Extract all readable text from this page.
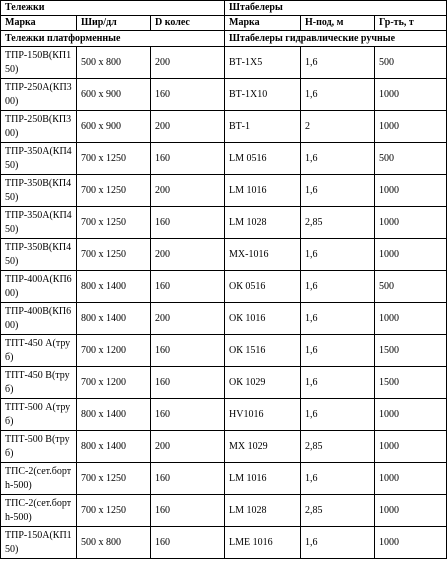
Тележки			Штабелеры		
Марка	Шир/дл	D колес	Марка	Н-под, м	Гр-ть, т
Тележки платформенные			Штабелеры гидравлические ручные		
ТПР-150В(КП150)	500 х 800	200	ВТ-1Х5	1,6	500
ТПР-250А(КП300)	600 х 900	160	ВТ-1Х10	1,6	1000
ТПР-250В(КП300)	600 х 900	200	ВТ-1	2	1000
ТПР-350А(КП450)	700 х 1250	160	LM 0516	1,6	500
ТПР-350В(КП450)	700 х 1250	200	LM 1016	1,6	1000
ТПР-350А(КП450)	700 х 1250	160	LM 1028	2,85	1000
ТПР-350В(КП450)	700 х 1250	200	МХ-1016	1,6	1000
ТПР-400А(КП600)	800 х 1400	160	ОК 0516	1,6	500
ТПР-400В(КП600)	800 х 1400	200	ОК 1016	1,6	1000
ТПТ-450 А(труб)	700 х 1200	160	ОК 1516	1,6	1500
ТПТ-450 В(труб)	700 х 1200	160	ОК 1029	1,6	1500
ТПТ-500 А(труб)	800 х 1400	160	HV1016	1,6	1000
ТПТ-500 В(труб)	800 х 1400	200	МХ 1029	2,85	1000
ТПС-2(сет.борт h-500)	700 х 1250	160	LM 1016	1,6	1000
ТПС-2(сет.борт h-500)	700 х 1250	160	LM 1028	2,85	1000
ТПР-150А(КП150)	500 х 800	160	LME 1016	1,6	1000
